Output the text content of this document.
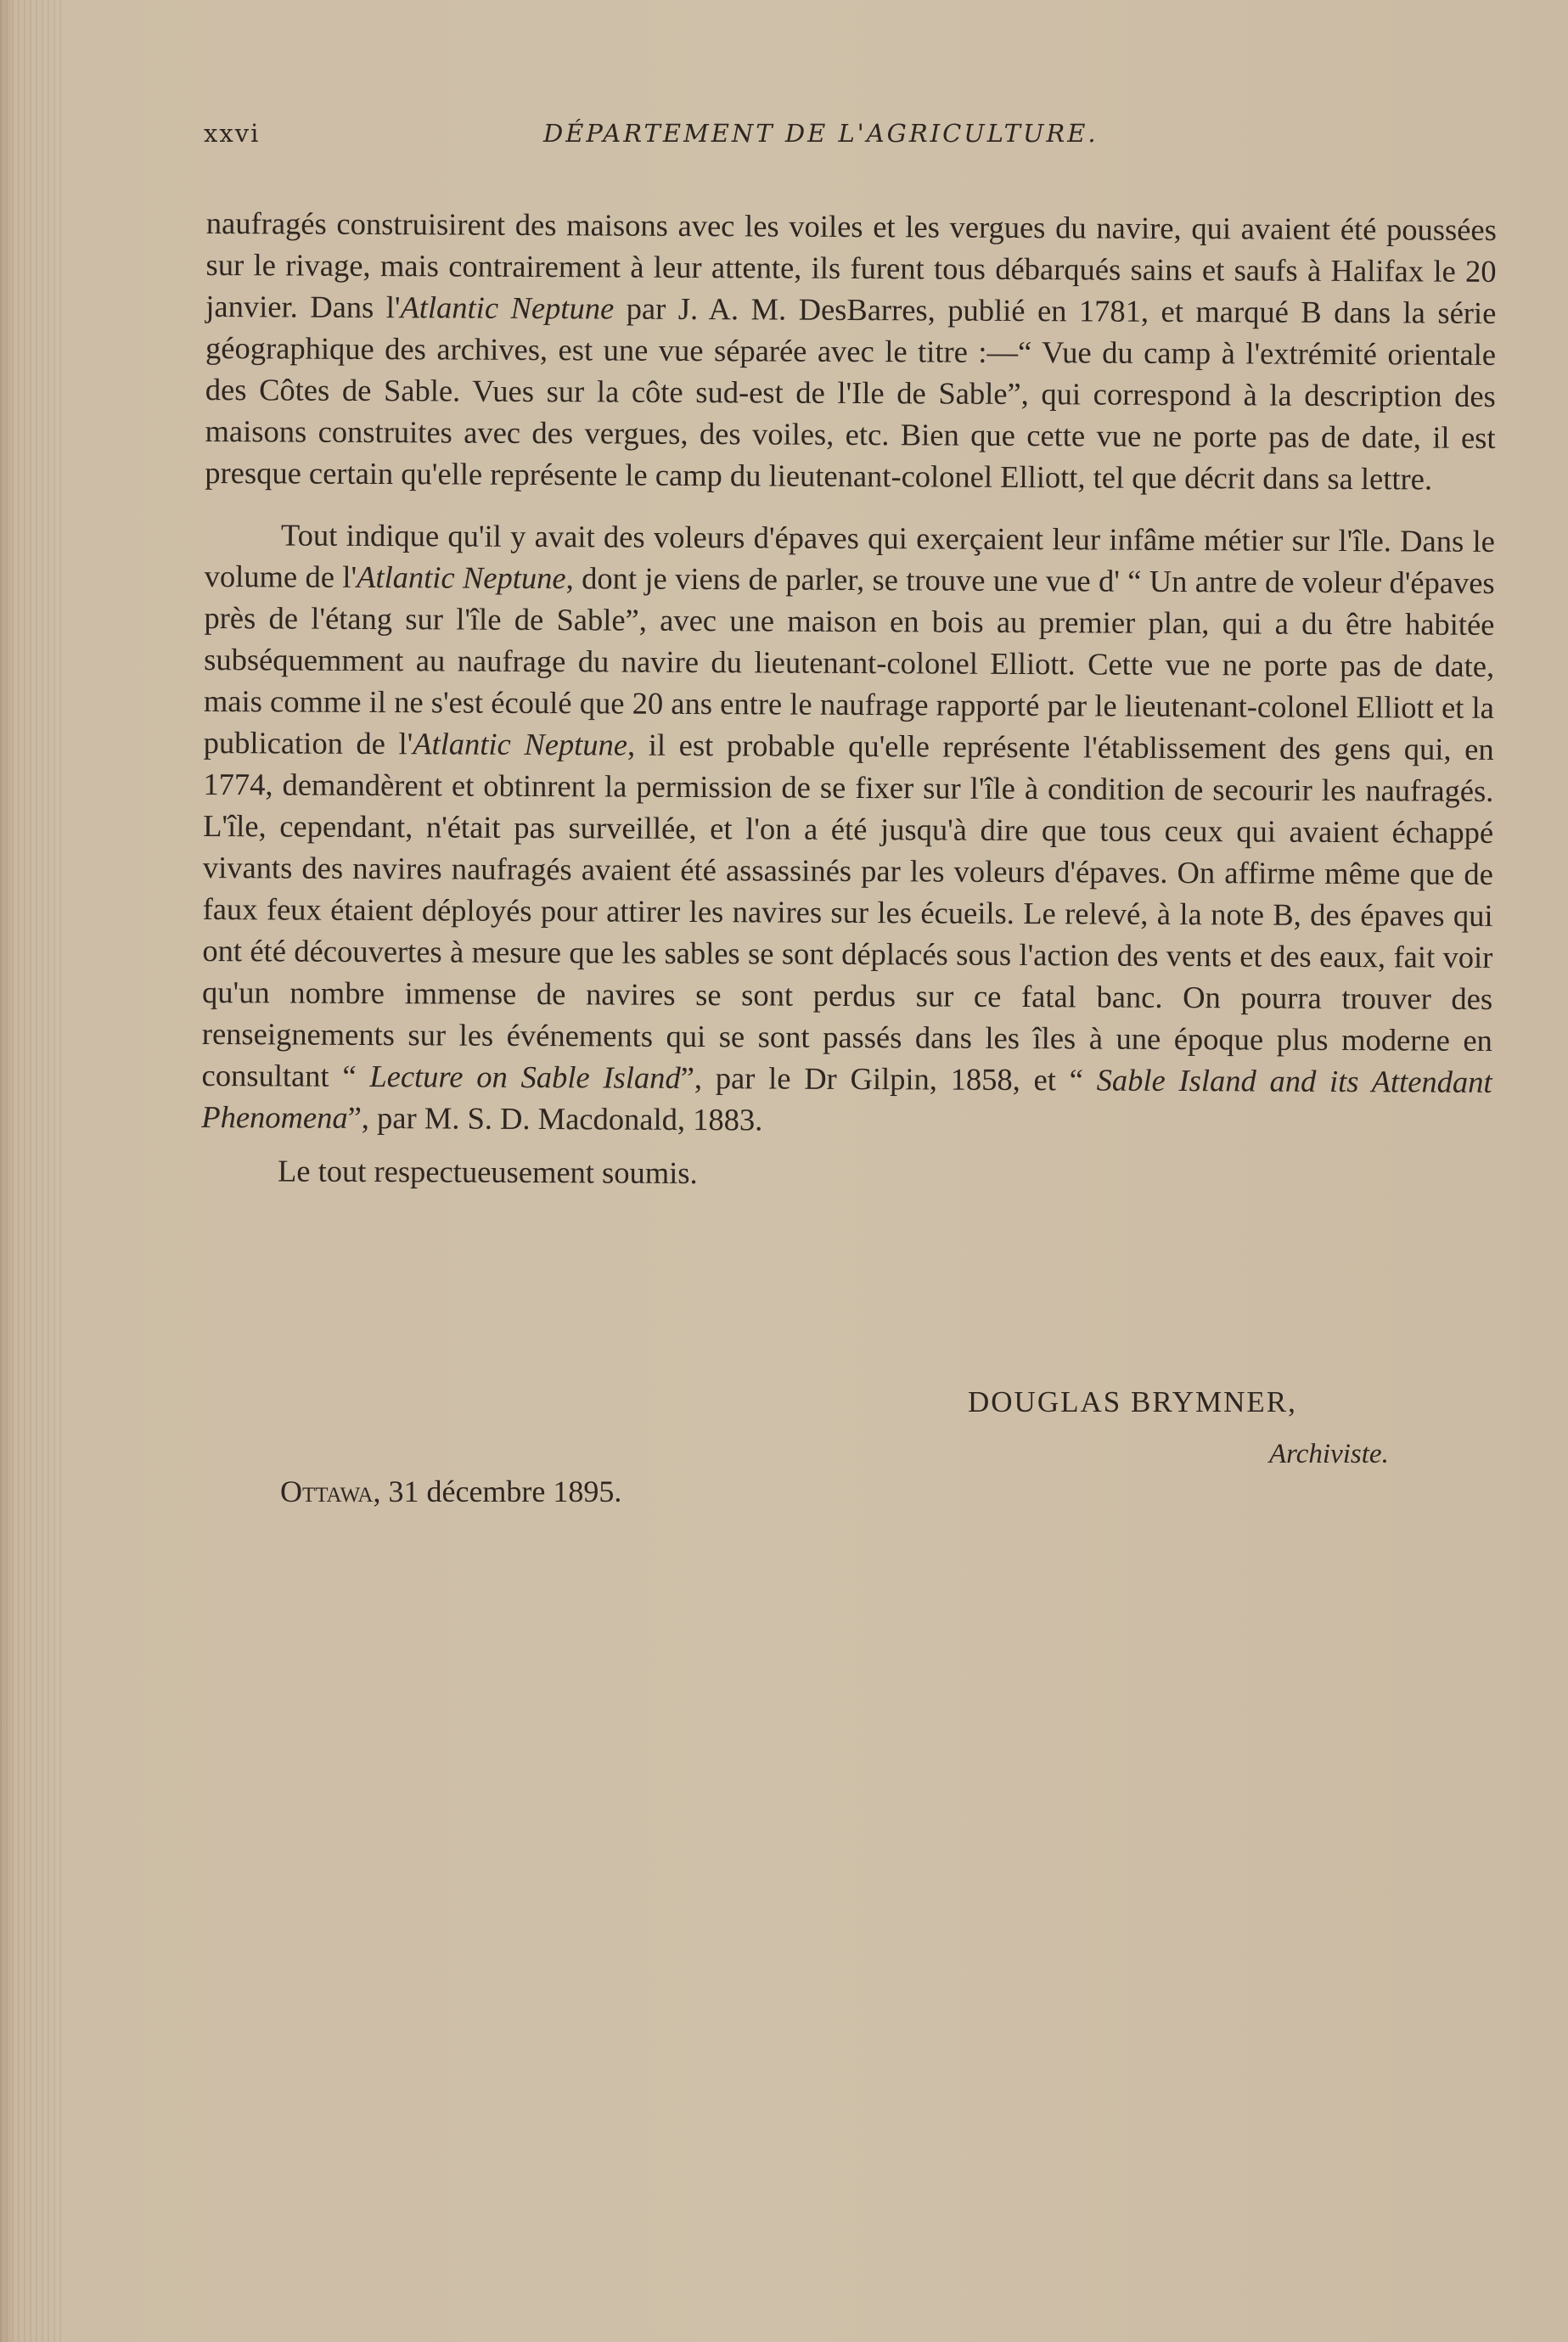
xxvi	DÉPARTEMENT DE L'AGRICULTURE.

naufragés construisirent des maisons avec les voiles et les vergues du navire, qui avaient été poussées sur le rivage, mais contrairement à leur attente, ils furent tous débarqués sains et saufs à Halifax le 20 janvier. Dans l'Atlantic Neptune par J. A. M. DesBarres, publié en 1781, et marqué B dans la série géographique des archives, est une vue séparée avec le titre :—“ Vue du camp à l'extrémité orientale des Côtes de Sable. Vues sur la côte sud-est de l'Ile de Sable”, qui correspond à la description des maisons construites avec des vergues, des voiles, etc. Bien que cette vue ne porte pas de date, il est presque certain qu'elle représente le camp du lieutenant-colonel Elliott, tel que décrit dans sa lettre.

Tout indique qu'il y avait des voleurs d'épaves qui exerçaient leur infâme métier sur l'île. Dans le volume de l'Atlantic Neptune, dont je viens de parler, se trouve une vue d' “ Un antre de voleur d'épaves près de l'étang sur l'île de Sable”, avec une maison en bois au premier plan, qui a du être habitée subséquemment au naufrage du navire du lieutenant-colonel Elliott. Cette vue ne porte pas de date, mais comme il ne s'est écoulé que 20 ans entre le naufrage rapporté par le lieutenant-colonel Elliott et la publication de l'Atlantic Neptune, il est probable qu'elle représente l'établissement des gens qui, en 1774, demandèrent et obtinrent la permission de se fixer sur l'île à condition de secourir les naufragés. L'île, cependant, n'était pas surveillée, et l'on a été jusqu'à dire que tous ceux qui avaient échappé vivants des navires naufragés avaient été assassinés par les voleurs d'épaves. On affirme même que de faux feux étaient déployés pour attirer les navires sur les écueils. Le relevé, à la note B, des épaves qui ont été découvertes à mesure que les sables se sont déplacés sous l'action des vents et des eaux, fait voir qu'un nombre immense de navires se sont perdus sur ce fatal banc. On pourra trouver des renseignements sur les événements qui se sont passés dans les îles à une époque plus moderne en consultant “ Lecture on Sable Island”, par le Dr Gilpin, 1858, et “ Sable Island and its Attendant Phenomena”, par M. S. D. Macdonald, 1883.

Le tout respectueusement soumis.

DOUGLAS BRYMNER,
Archiviste.
Ottawa, 31 décembre 1895.
